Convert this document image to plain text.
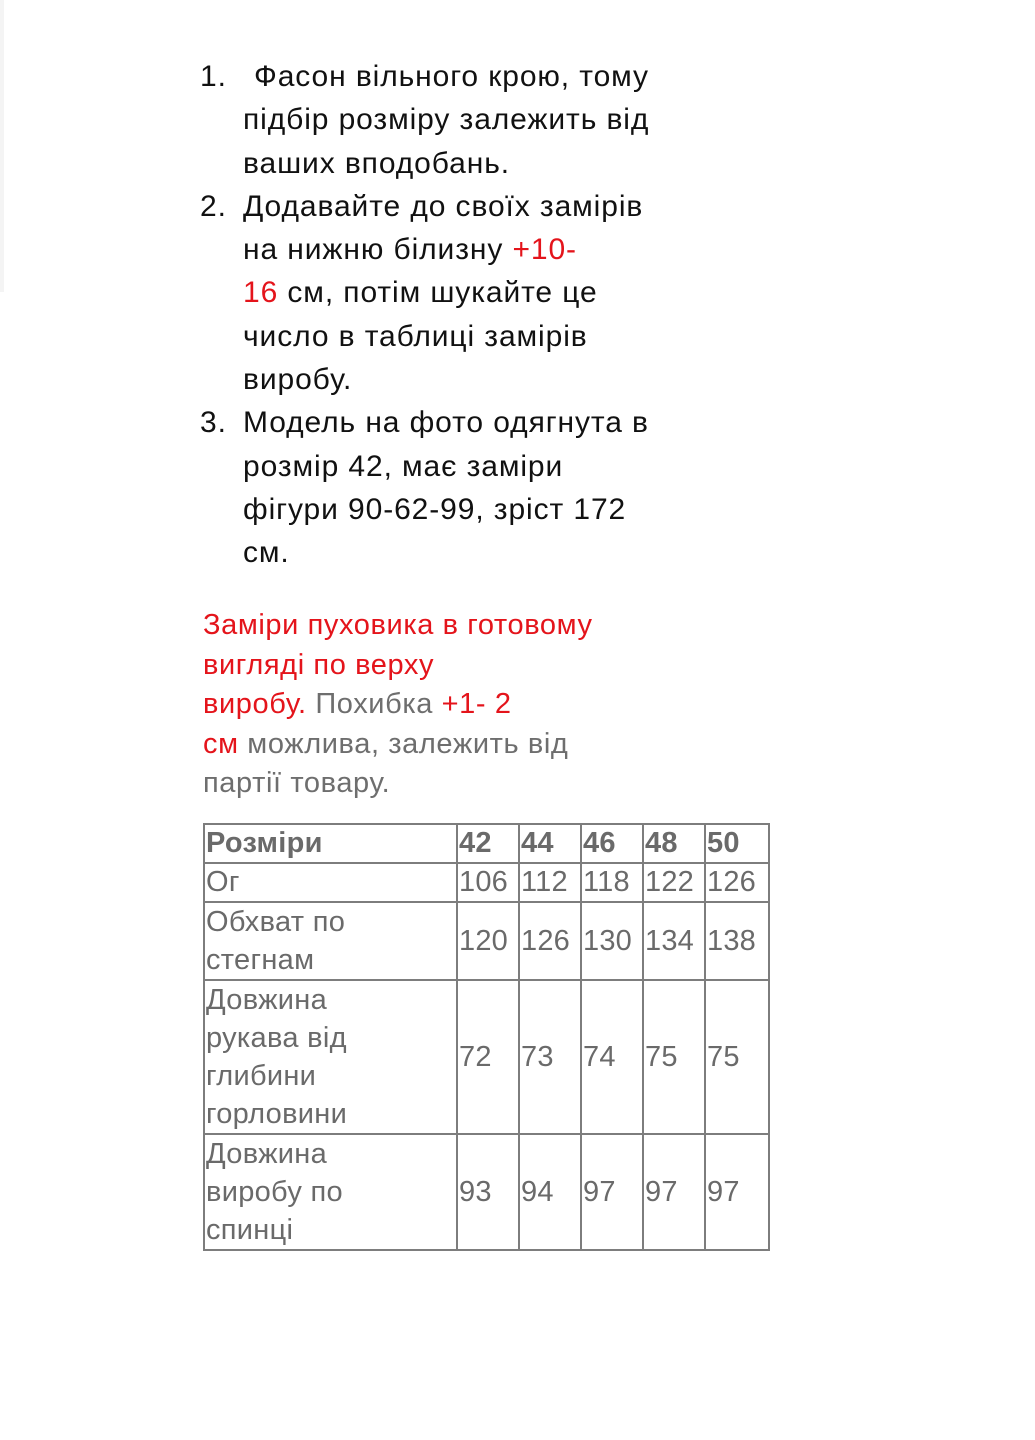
1. Фасон вільного крою, тому
підбір розміру залежить від
ваших вподобань.
2. Додавайте до своїх замірів
на нижню білизну +10-
16 см, потім шукайте це
число в таблиці замірів
виробу.
3. Модель на фото одягнута в
розмір 42, має заміри
фігури 90-62-99, зріст 172
см.

Заміри пуховика в готовому

вигляді по верху

виробу. Похибка +1- 2

см можлива, залежить від

партії товару.

Розміри	42	44	46	48	50
Ог	106	112	118	122	126

Обхват по
стегнам	120	126	130	134	138

Довжина
рукава від
глибини
горловини	72	73	74	75	75

Довжина
виробу по
спинці	93	94	97	97	97
